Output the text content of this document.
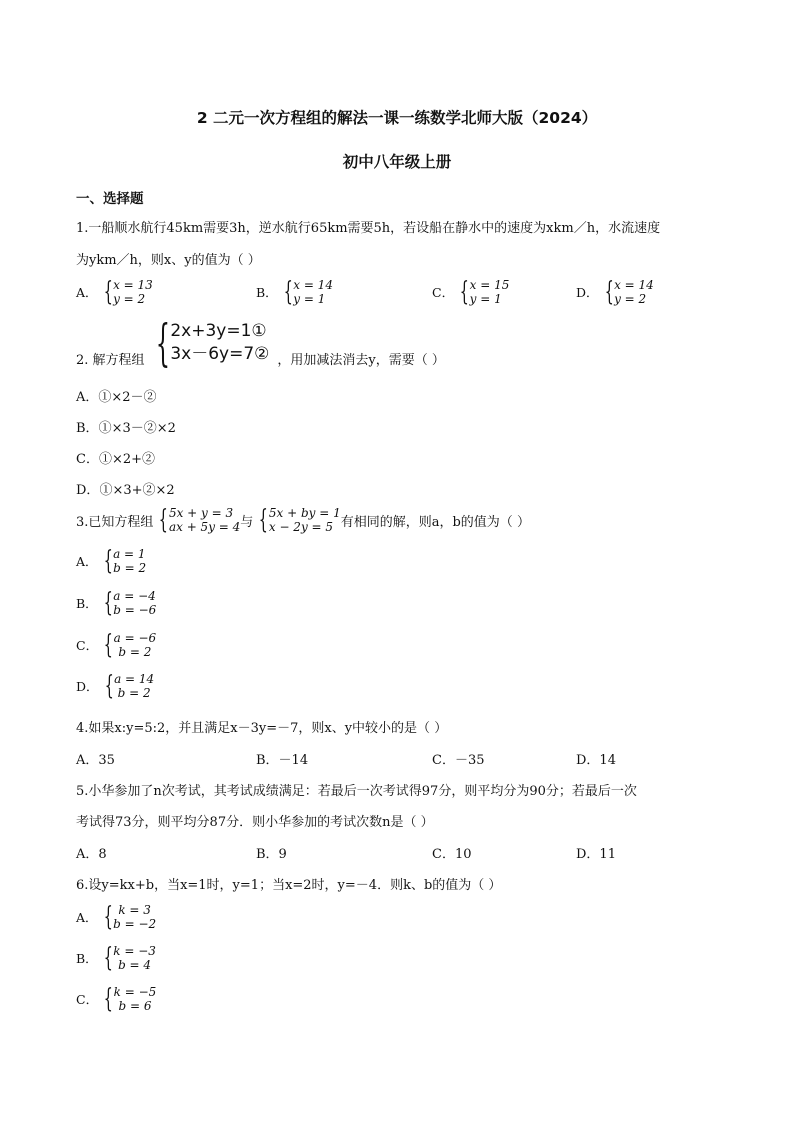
2 二元一次方程组的解法一课一练数学北师大版（2024）
初中八年级上册
一、选择题
1.一船顺水航行45km需要3h，逆水航行65km需要5h，若设船在静水中的速度为xkm／h，水流速度
为ykm／h，则x、y的值为（ ）
A． { x = 13
y = 2	B． { x = 14
y = 1	C． { x = 15
y = 1	D． { x = 14
y = 2
2. 解方程组 { 2x+3y=1①
3x－6y=7② ，用加减法消去y，需要（ ）
A．①×2－②
B．①×3－②×2
C．①×2+②
D．①×3+②×2
3.已知方程组 { 5x + y = 3
ax + 5y = 4 与 { 5x + by = 1
x − 2y = 5 有相同的解，则a，b的值为（ ）
A． { a = 1
b = 2
B． { a = −4
b = −6
C． { a = −6
b = 2
D． { a = 14
b = 2
4.如果x:y=5:2，并且满足x－3y=－7，则x、y中较小的是（ ）
A．35	B．－14	C．－35	D．14
5.小华参加了n次考试，其考试成绩满足：若最后一次考试得97分，则平均分为90分；若最后一次
考试得73分，则平均分87分．则小华参加的考试次数n是（ ）
A．8	B．9	C．10	D．11
6.设y=kx+b，当x=1时，y=1；当x=2时，y=－4．则k、b的值为（ ）
A． { k = 3
b = −2
B． { k = −3
b = 4
C． { k = −5
b = 6
